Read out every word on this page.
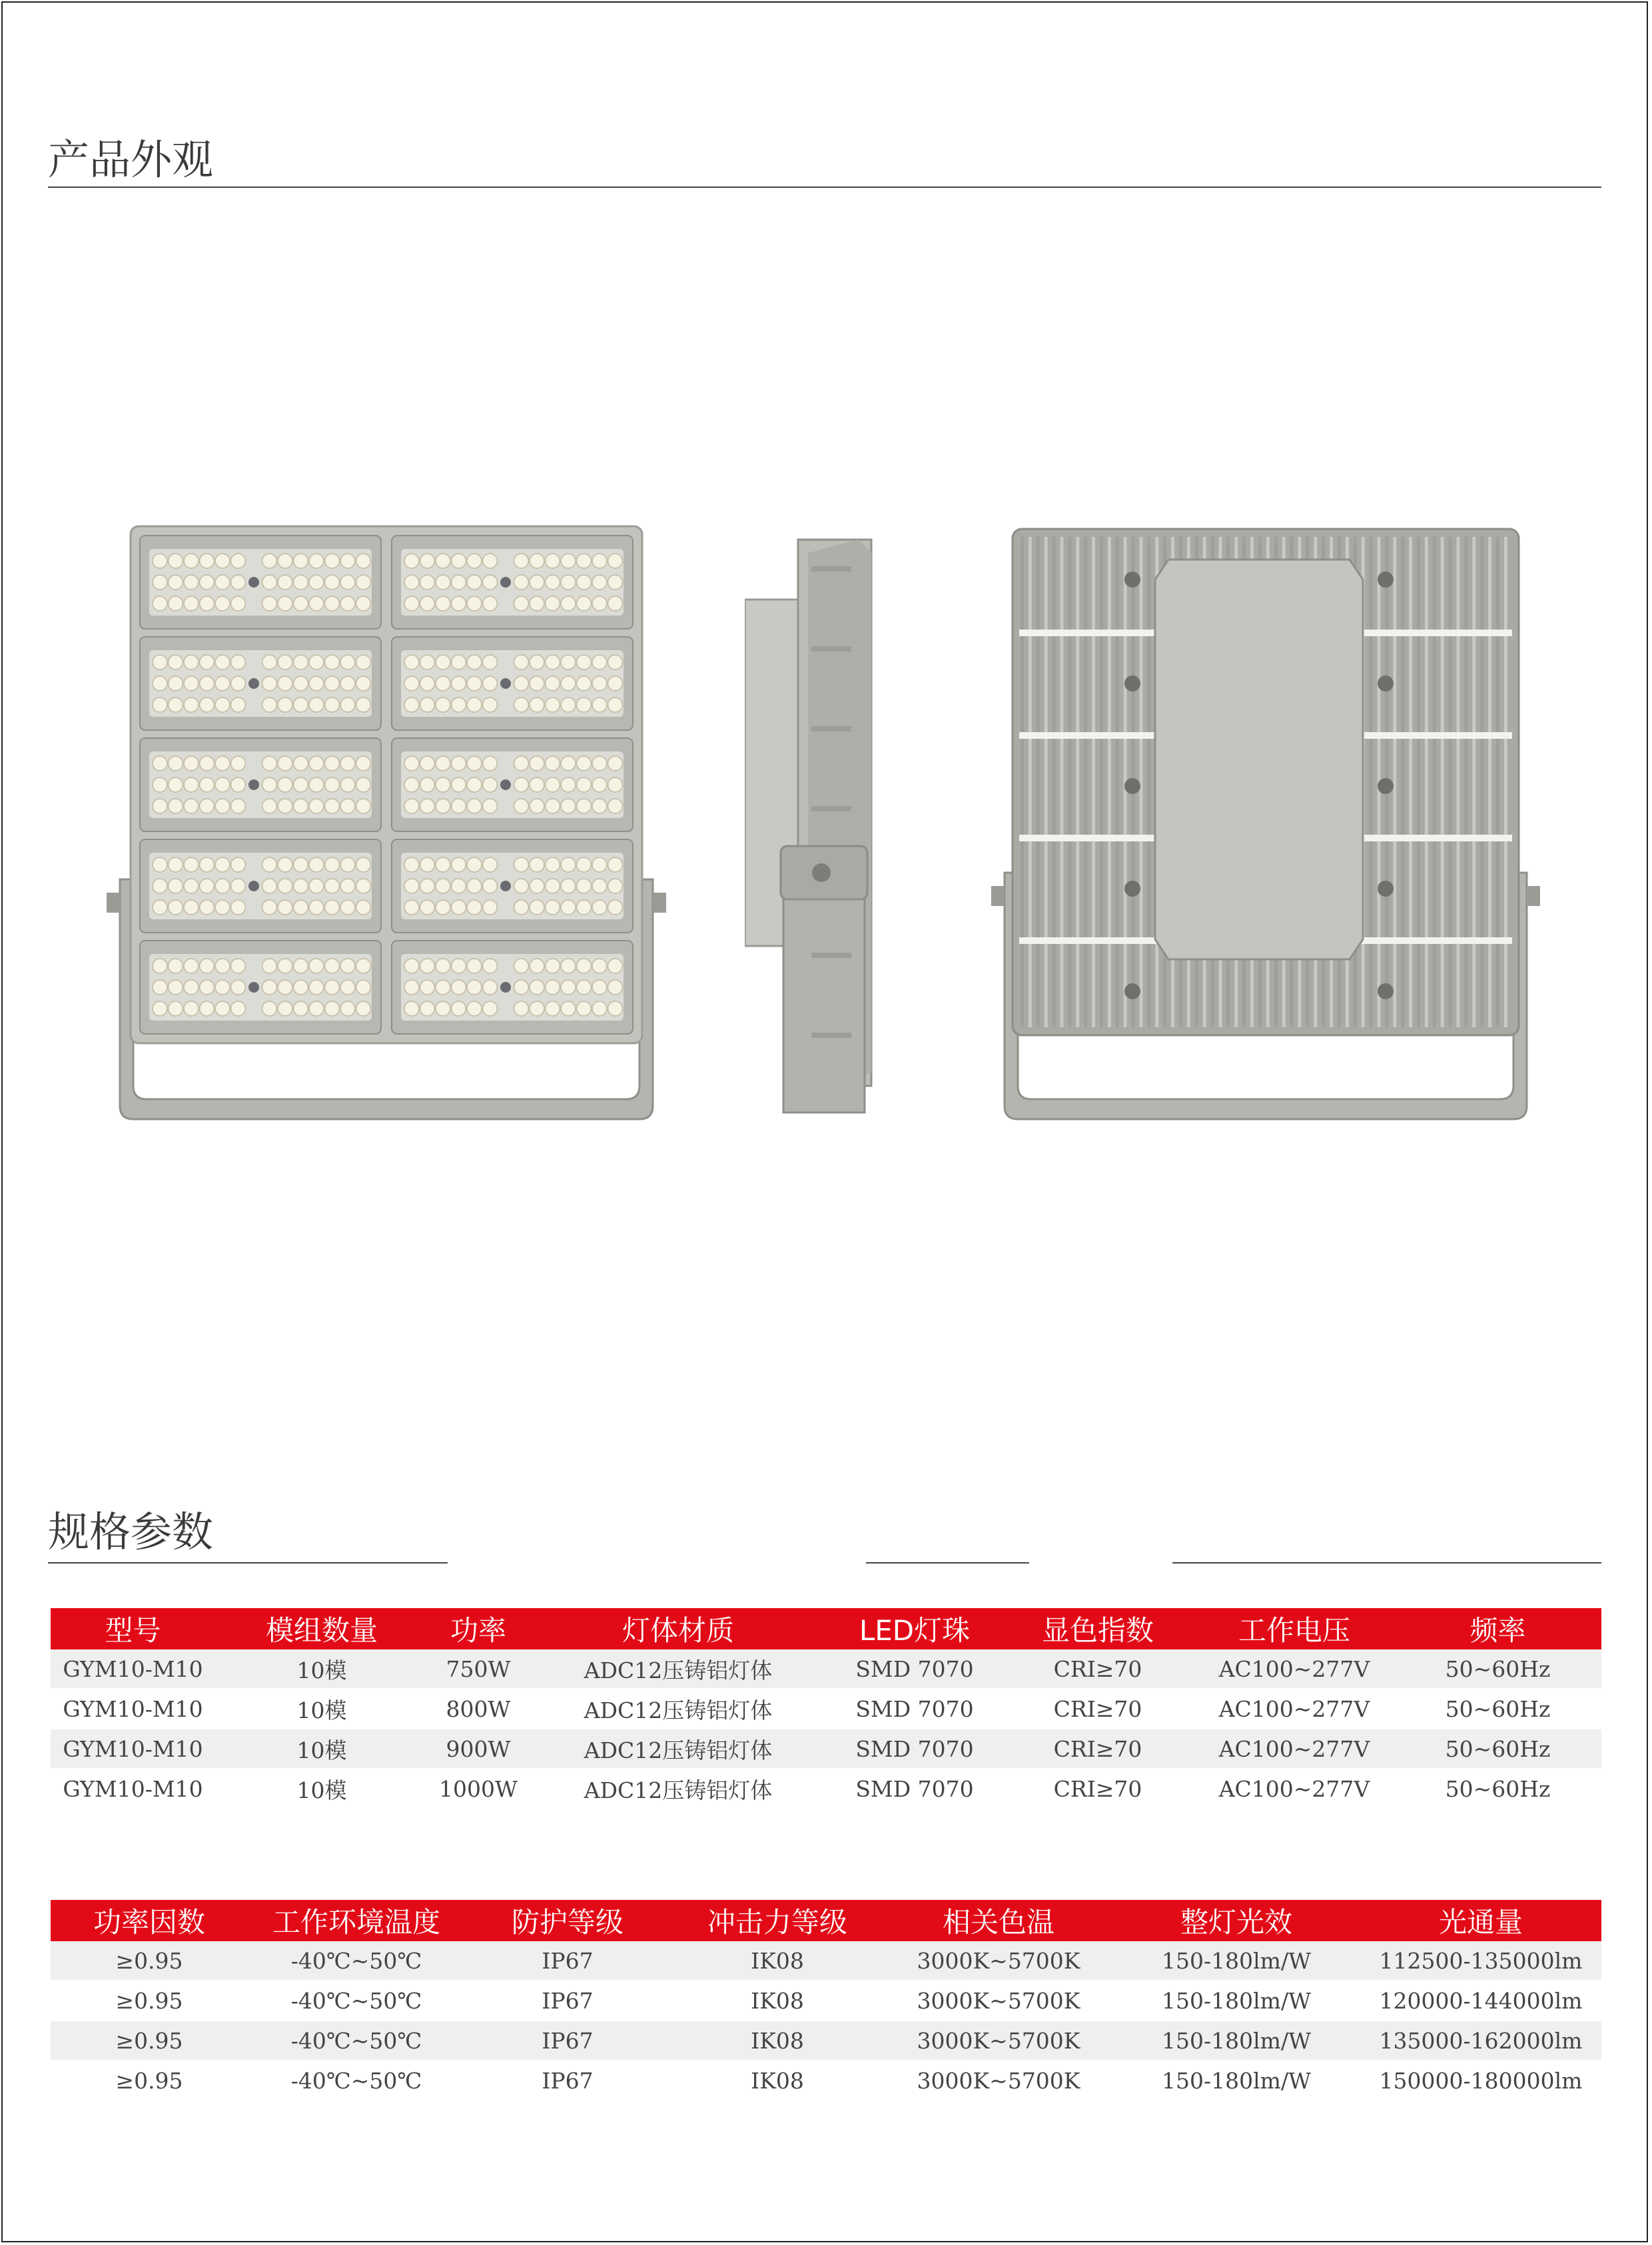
产品外观
规格参数
型号	模组数量	功率	灯体材质	LED灯珠	显色指数	工作电压	频率
GYM10-M10	10模	750W	ADC12压铸铝灯体	SMD 7070	CRI≥70	AC100~277V	50~60Hz
GYM10-M10	10模	800W	ADC12压铸铝灯体	SMD 7070	CRI≥70	AC100~277V	50~60Hz
GYM10-M10	10模	900W	ADC12压铸铝灯体	SMD 7070	CRI≥70	AC100~277V	50~60Hz
GYM10-M10	10模	1000W	ADC12压铸铝灯体	SMD 7070	CRI≥70	AC100~277V	50~60Hz
功率因数	工作环境温度	防护等级	冲击力等级	相关色温	整灯光效	光通量
≥0.95	-40℃~50℃	IP67	IK08	3000K~5700K	150-180lm/W	112500-135000lm
≥0.95	-40℃~50℃	IP67	IK08	3000K~5700K	150-180lm/W	120000-144000lm
≥0.95	-40℃~50℃	IP67	IK08	3000K~5700K	150-180lm/W	135000-162000lm
≥0.95	-40℃~50℃	IP67	IK08	3000K~5700K	150-180lm/W	150000-180000lm
